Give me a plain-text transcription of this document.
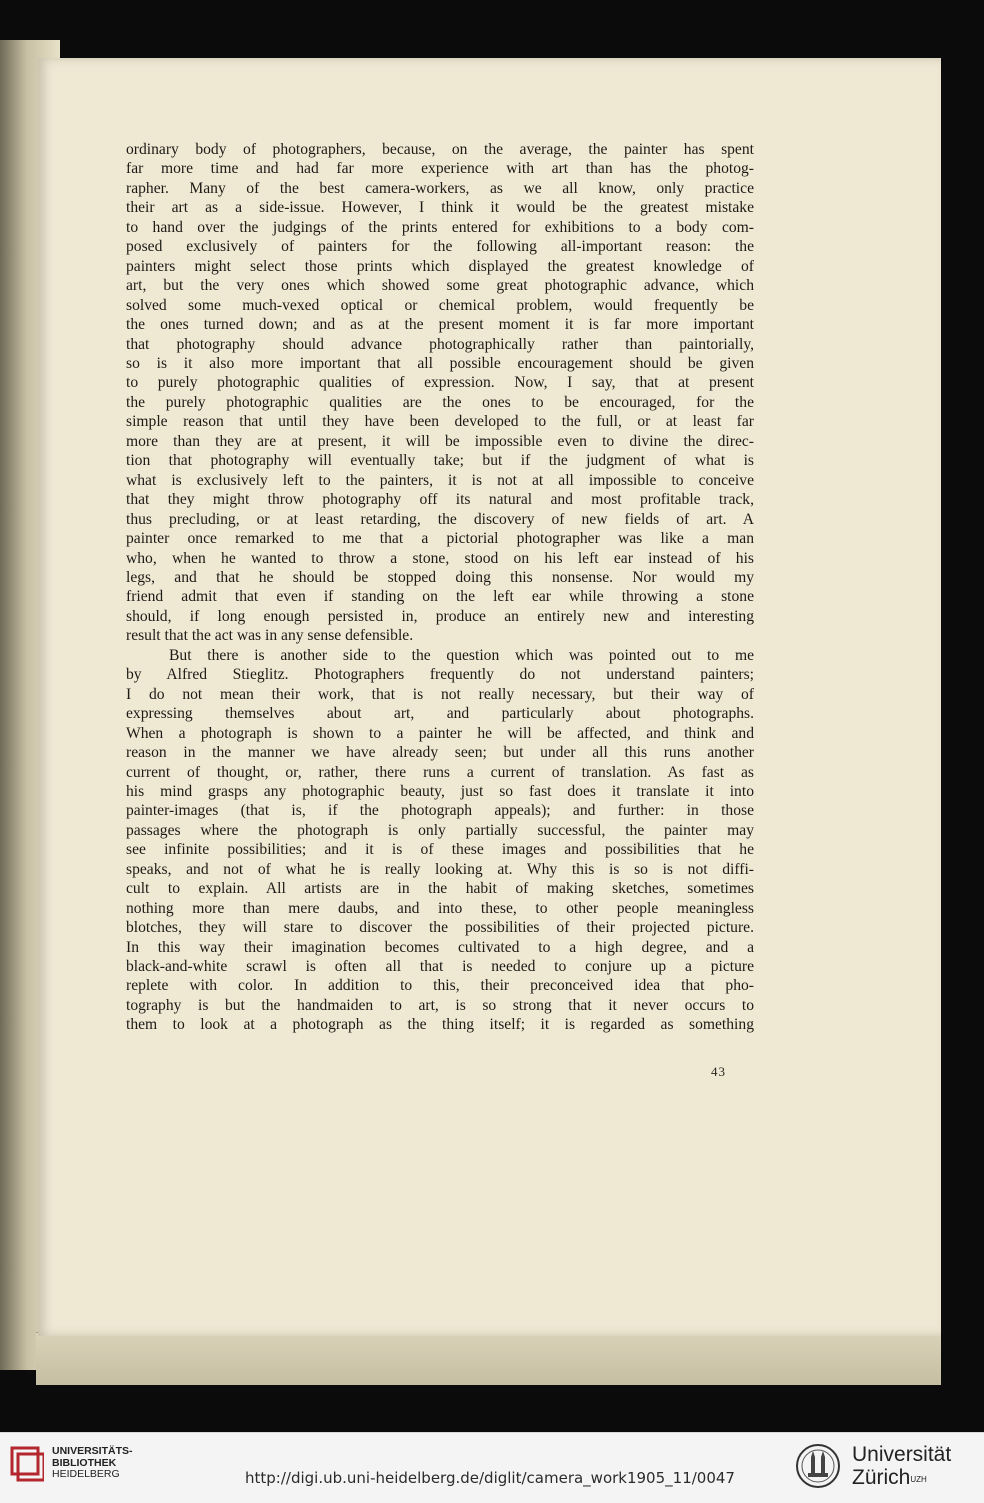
ordinary body of photographers, because, on the average, the painter has spent
far more time and had far more experience with art than has the photog-
rapher. Many of the best camera-workers, as we all know, only practice
their art as a side-issue. However, I think it would be the greatest mistake
to hand over the judgings of the prints entered for exhibitions to a body com-
posed exclusively of painters for the following all-important reason: the
painters might select those prints which displayed the greatest knowledge of
art, but the very ones which showed some great photographic advance, which
solved some much-vexed optical or chemical problem, would frequently be
the ones turned down; and as at the present moment it is far more important
that photography should advance photographically rather than paintorially,
so is it also more important that all possible encouragement should be given
to purely photographic qualities of expression. Now, I say, that at present
the purely photographic qualities are the ones to be encouraged, for the
simple reason that until they have been developed to the full, or at least far
more than they are at present, it will be impossible even to divine the direc-
tion that photography will eventually take; but if the judgment of what is
what is exclusively left to the painters, it is not at all impossible to conceive
that they might throw photography off its natural and most profitable track,
thus precluding, or at least retarding, the discovery of new fields of art. A
painter once remarked to me that a pictorial photographer was like a man
who, when he wanted to throw a stone, stood on his left ear instead of his
legs, and that he should be stopped doing this nonsense. Nor would my
friend admit that even if standing on the left ear while throwing a stone
should, if long enough persisted in, produce an entirely new and interesting
result that the act was in any sense defensible.
But there is another side to the question which was pointed out to me
by Alfred Stieglitz. Photographers frequently do not understand painters;
I do not mean their work, that is not really necessary, but their way of
expressing themselves about art, and particularly about photographs.
When a photograph is shown to a painter he will be affected, and think and
reason in the manner we have already seen; but under all this runs another
current of thought, or, rather, there runs a current of translation. As fast as
his mind grasps any photographic beauty, just so fast does it translate it into
painter-images (that is, if the photograph appeals); and further: in those
passages where the photograph is only partially successful, the painter may
see infinite possibilities; and it is of these images and possibilities that he
speaks, and not of what he is really looking at. Why this is so is not diffi-
cult to explain. All artists are in the habit of making sketches, sometimes
nothing more than mere daubs, and into these, to other people meaningless
blotches, they will stare to discover the possibilities of their projected picture.
In this way their imagination becomes cultivated to a high degree, and a
black-and-white scrawl is often all that is needed to conjure up a picture
replete with color. In addition to this, their preconceived idea that pho-
tography is but the handmaiden to art, is so strong that it never occurs to
them to look at a photograph as the thing itself; it is regarded as something
43
UNIVERSITÄTS-
BIBLIOTHEK
HEIDELBERG	http://digi.ub.uni-heidelberg.de/diglit/camera_work1905_11/0047
Universität
Zürich$^{UZH}$
